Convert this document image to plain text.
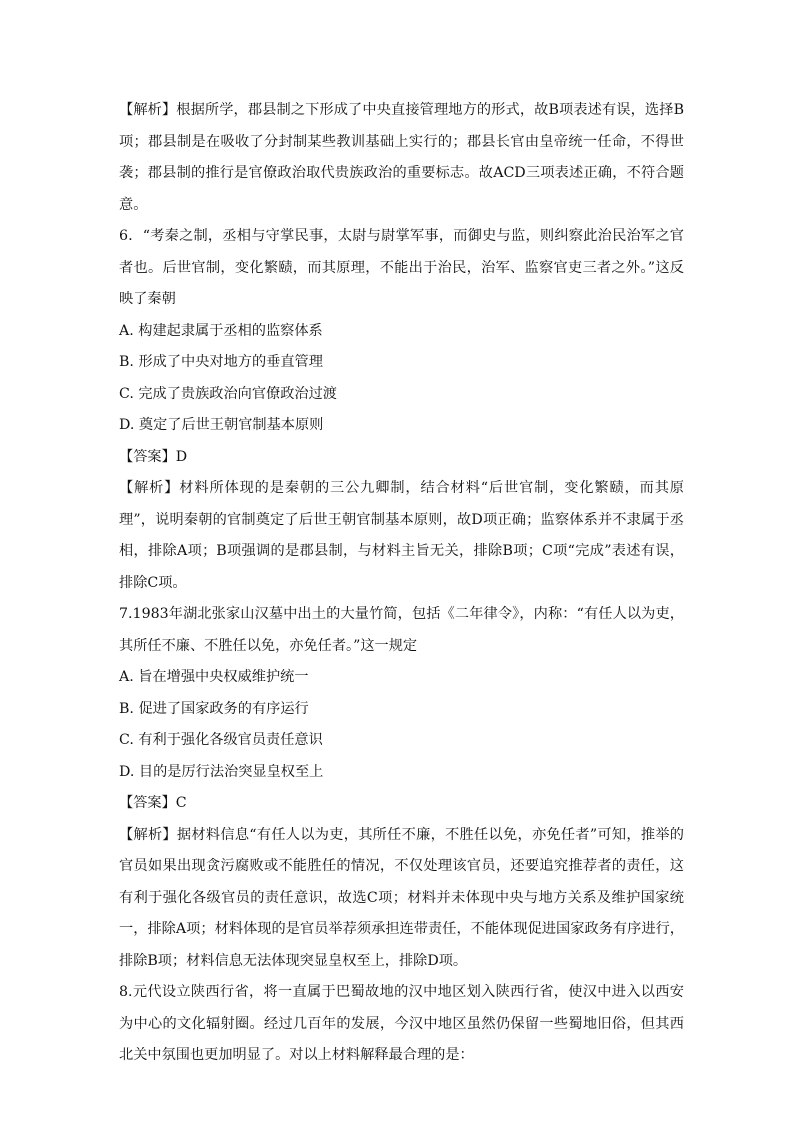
【解析】根据所学，郡县制之下形成了中央直接管理地方的形式，故B项表述有误，选择B项；郡县制是在吸收了分封制某些教训基础上实行的；郡县长官由皇帝统一任命，不得世袭；郡县制的推行是官僚政治取代贵族政治的重要标志。故ACD三项表述正确，不符合题意。

6．“考秦之制，丞相与守掌民事，太尉与尉掌军事，而御史与监，则纠察此治民治军之官者也。后世官制，变化繁赜，而其原理，不能出于治民，治军、监察官吏三者之外。”这反映了秦朝

A. 构建起隶属于丞相的监察体系

B. 形成了中央对地方的垂直管理

C. 完成了贵族政治向官僚政治过渡

D. 奠定了后世王朝官制基本原则

【答案】D

【解析】材料所体现的是秦朝的三公九卿制，结合材料“后世官制，变化繁赜，而其原理”，说明秦朝的官制奠定了后世王朝官制基本原则，故D项正确；监察体系并不隶属于丞相，排除A项；B项强调的是郡县制，与材料主旨无关，排除B项；C项“完成”表述有误，排除C项。

7.1983年湖北张家山汉墓中出土的大量竹简，包括《二年律令》，内称：“有任人以为吏，其所任不廉、不胜任以免，亦免任者。”这一规定

A. 旨在增强中央权威维护统一

B. 促进了国家政务的有序运行

C. 有利于强化各级官员责任意识

D. 目的是厉行法治突显皇权至上

【答案】C

【解析】据材料信息“有任人以为吏，其所任不廉，不胜任以免，亦免任者”可知，推举的官员如果出现贪污腐败或不能胜任的情况，不仅处理该官员，还要追究推荐者的责任，这有利于强化各级官员的责任意识，故选C项；材料并未体现中央与地方关系及维护国家统一，排除A项；材料体现的是官员举荐须承担连带责任，不能体现促进国家政务有序进行，排除B项；材料信息无法体现突显皇权至上，排除D项。

8.元代设立陕西行省，将一直属于巴蜀故地的汉中地区划入陕西行省，使汉中进入以西安为中心的文化辐射圈。经过几百年的发展，今汉中地区虽然仍保留一些蜀地旧俗，但其西北关中氛围也更加明显了。对以上材料解释最合理的是：
